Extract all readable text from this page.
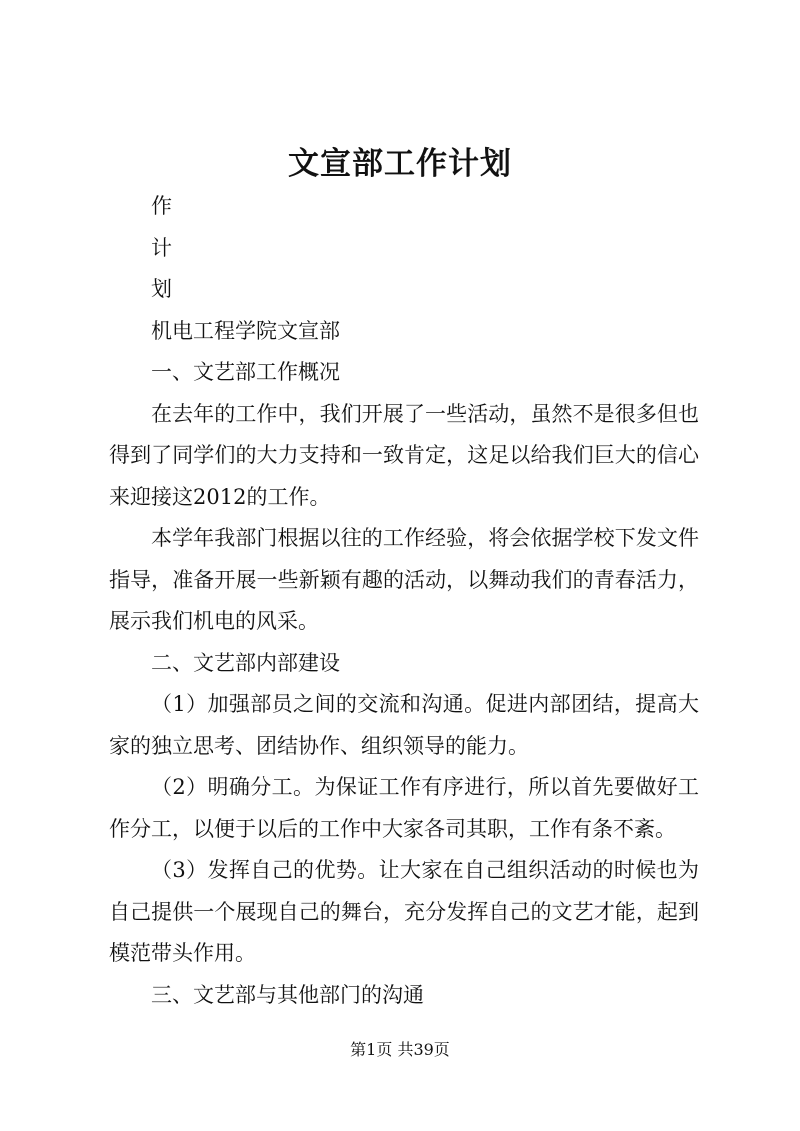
文宣部工作计划

作

计

划

机电工程学院文宣部

一、文艺部工作概况

在去年的工作中，我们开展了一些活动，虽然不是很多但也得到了同学们的大力支持和一致肯定，这足以给我们巨大的信心来迎接这2012的工作。

本学年我部门根据以往的工作经验，将会依据学校下发文件指导，准备开展一些新颖有趣的活动，以舞动我们的青春活力，展示我们机电的风采。

二、文艺部内部建设

（1）加强部员之间的交流和沟通。促进内部团结，提高大家的独立思考、团结协作、组织领导的能力。

（2）明确分工。为保证工作有序进行，所以首先要做好工作分工，以便于以后的工作中大家各司其职，工作有条不紊。

（3）发挥自己的优势。让大家在自己组织活动的时候也为自己提供一个展现自己的舞台，充分发挥自己的文艺才能，起到模范带头作用。

三、文艺部与其他部门的沟通

第1页 共39页
